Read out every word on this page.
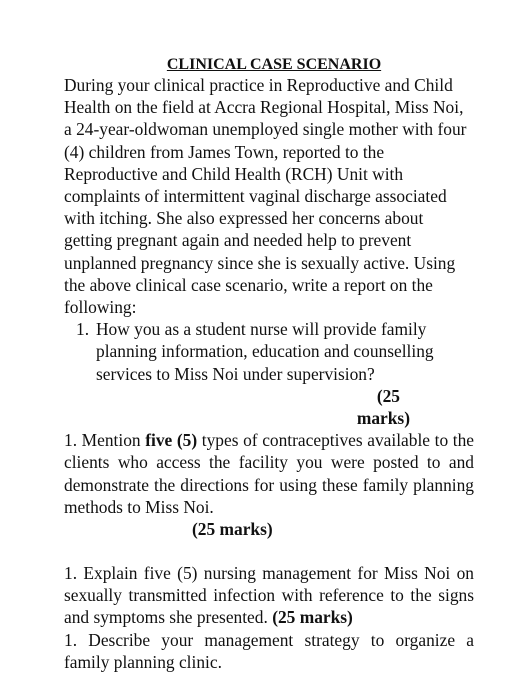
CLINICAL CASE SCENARIO

During your clinical practice in Reproductive and Child Health on the field at Accra Regional Hospital, Miss Noi, a 24-year-oldwoman unemployed single mother with four (4) children from James Town, reported to the Reproductive and Child Health (RCH) Unit with complaints of intermittent vaginal discharge associated with itching. She also expressed her concerns about getting pregnant again and needed help to prevent unplanned pregnancy since she is sexually active. Using the above clinical case scenario, write a report on the following:

1. How you as a student nurse will provide family planning information, education and counselling services to Miss Noi under supervision?

(25
marks)

1. Mention five (5) types of contraceptives available to the clients who access the facility you were posted to and demonstrate the directions for using these family planning methods to Miss Noi.

(25 marks)

1. Explain five (5) nursing management for Miss Noi on sexually transmitted infection with reference to the signs and symptoms she presented. (25 marks)

1. Describe your management strategy to organize a family planning clinic.
